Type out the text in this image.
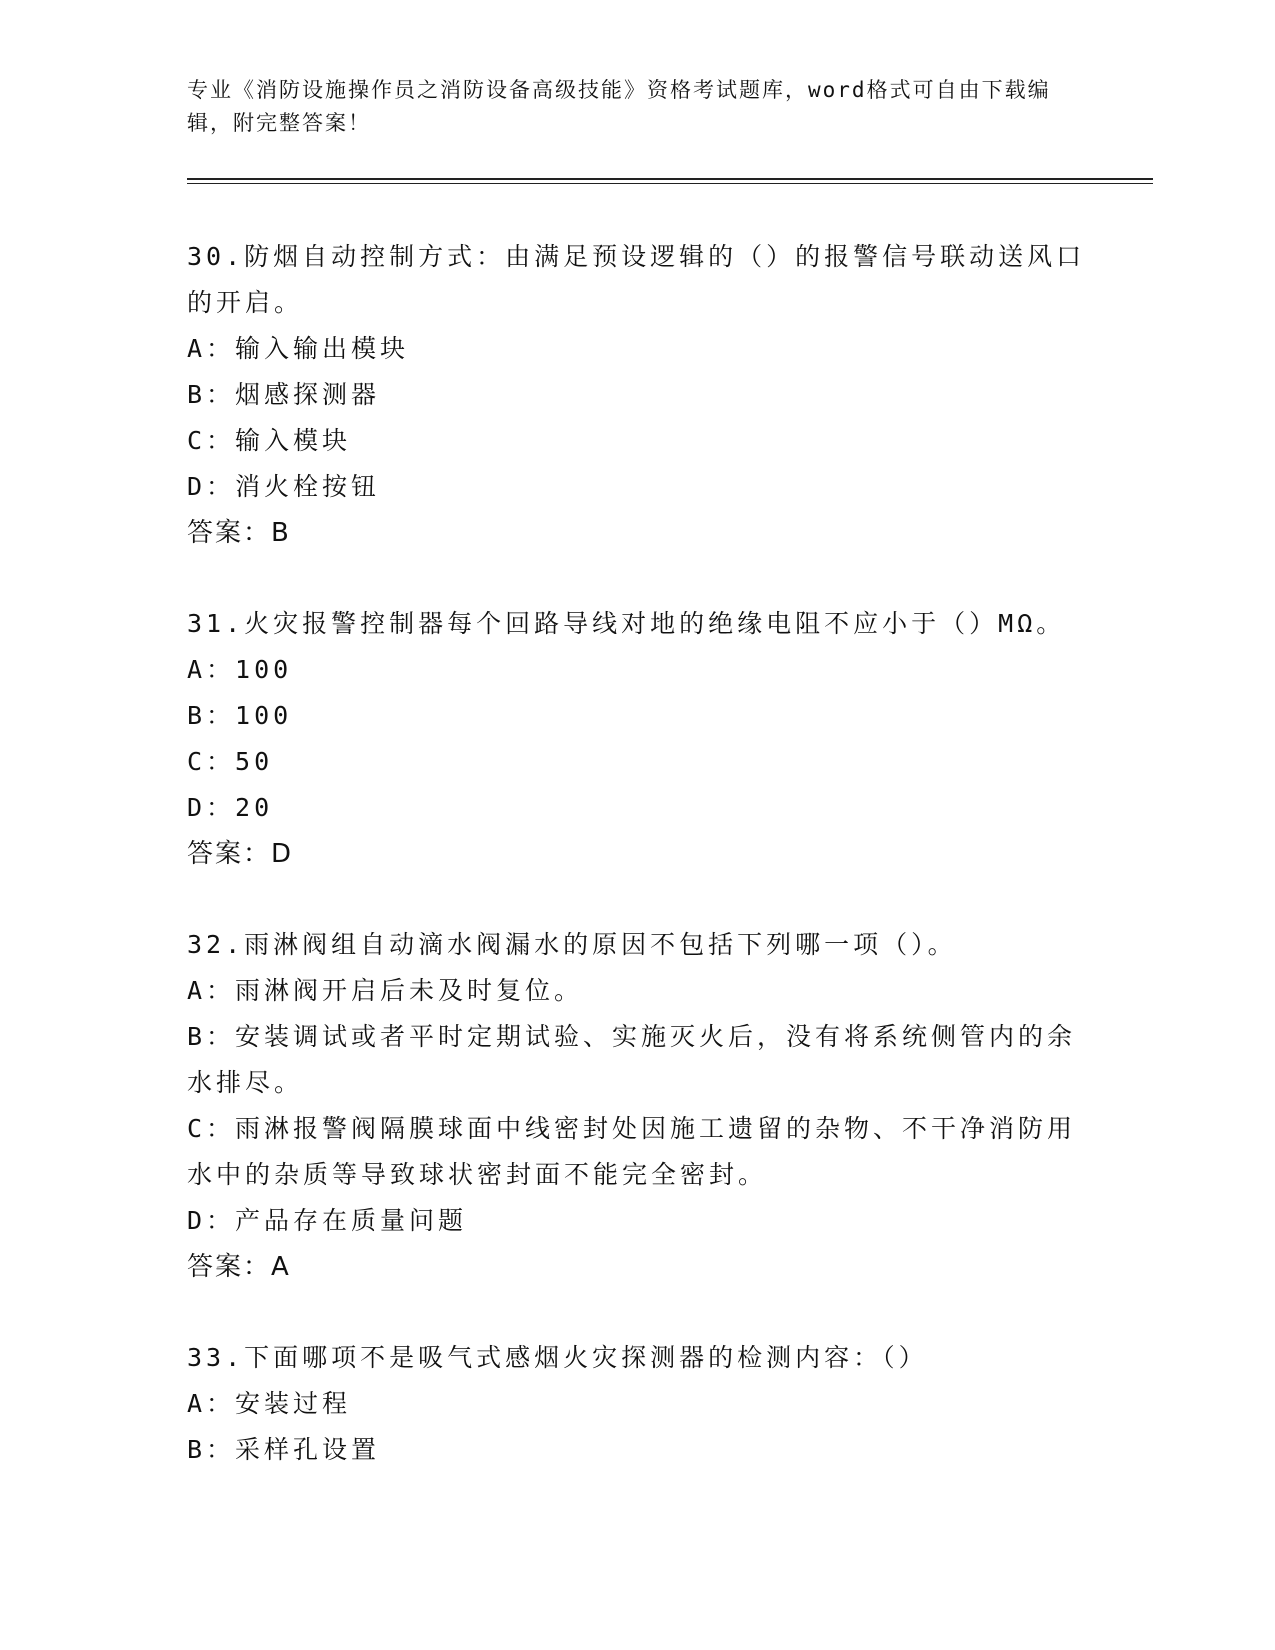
专业《消防设施操作员之消防设备高级技能》资格考试题库，word格式可自由下载编辑，附完整答案！
30.防烟自动控制方式：由满足预设逻辑的（）的报警信号联动送风口的开启。
A：输入输出模块
B：烟感探测器
C：输入模块
D：消火栓按钮
答案：B
31.火灾报警控制器每个回路导线对地的绝缘电阻不应小于（）MΩ。
A：100
B：100
C：50
D：20
答案：D
32.雨淋阀组自动滴水阀漏水的原因不包括下列哪一项（）。
A：雨淋阀开启后未及时复位。
B：安装调试或者平时定期试验、实施灭火后，没有将系统侧管内的余水排尽。
C：雨淋报警阀隔膜球面中线密封处因施工遗留的杂物、不干净消防用水中的杂质等导致球状密封面不能完全密封。
D：产品存在质量问题
答案：A
33.下面哪项不是吸气式感烟火灾探测器的检测内容：（）
A：安装过程
B：采样孔设置
